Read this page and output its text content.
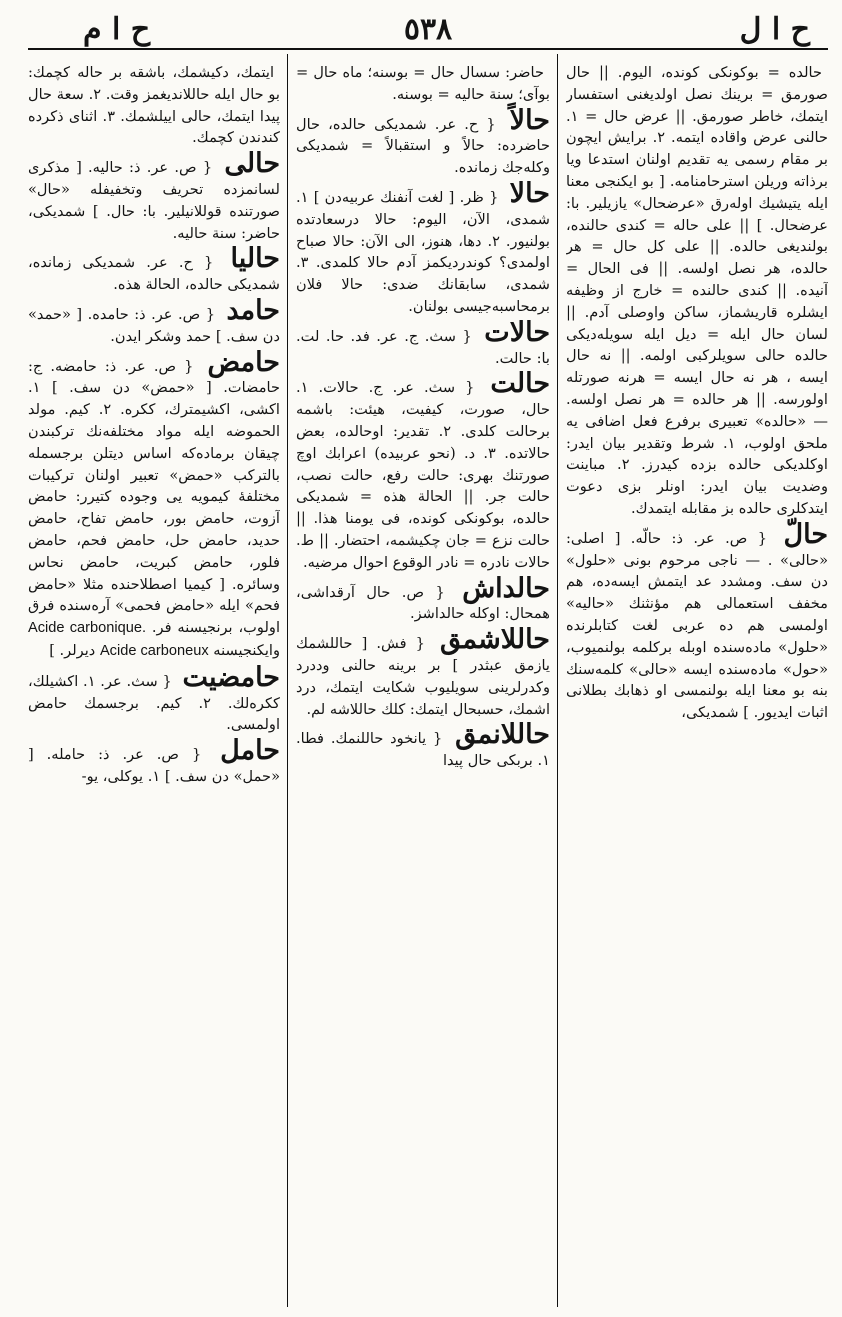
ح ا ل
٥٣٨
ح ا م

حالده = بوكونكى كونده، اليوم. || حال صورمق = برينك نصل اولديغنى استفسار ايتمك، خاطر صورمق. || عرض حال = ١. حالنى عرض واقاده ايتمه. ٢. برايش ايچون بر مقام رسمى يه تقديم اولنان استدعا ويا برذاته وريلن استرحامنامه. [ بو ايكنجى معنا ايله يتيشيك اولەرق «عرضحال» يازيلير. با: عرضحال. ] || على حاله = كندى حالنده، بولنديغى حالده. || على كل حال = هر حالده، هر نصل اولسه. || فى الحال = آنيده. || كندى حالنده = خارج از وظيفه ايشلره قاريشماز، ساكن واوصلى آدم. || لسان حال ايله = ديل ايله سويلەديكى حالده حالى سويلركبى اولمه. || نه حال ايسه ، هر نه حال ايسه = هرنه صورتله اولورسه. || هر حالده = هر نصل اولسه. — «حالده» تعبيرى برفرع فعل اضافى يه ملحق اولوب، ١. شرط وتقدير بيان ايدر: اوكلديكى حالده بزده كيدرز. ٢. مباينت وضديت بيان ايدر: اونلر بزى دعوت ايتدكلرى حالده بز مقابله ايتمدك.

حالّ { ص. عر. ذ: حالّه. [ اصلى: «حالى» . — ناجى مرحوم بونى «حلول» دن سف. ومشدد عد ايتمش ايسەده، هم مخفف استعمالى هم مؤنثنك «حاليه» اولمسى هم ده عربى لغت كتابلرنده «حلول» مادەسنده اوبله بركلمه بولنميوب، «حول» مادەسنده ايسه «حالى» كلمەسنك بنه بو معنا ايله بولنمسى او ذهابك بطلانى اثبات ايديور. ] شمديكى،

حاضر: سسال حال = بوسنه؛ ماه حال = بوآى؛ سنة حاليه = بوسنه.

حالاً { ح. عر. شمديكى حالده، حال حاضرده: حالاً و استقبالاً = شمديكى وكلەجك زمانده.

حالا { ظر. [ لغت آنفنك عربيەدن ] ١. شمدى، الآن، اليوم: حالا درسعادتده بولنيور. ٢. دها، هنوز، الى الآن: حالا صباح اولمدى؟ كوندرديكمز آدم حالا كلمدى. ٣. شمدى، سابقانك ضدى: حالا فلان برمحاسبەجيسى بولنان.

حالات { سث. ج. عر. فد. حا. لت. با: حالت.

حالت { سث. عر. ج. حالات. ١. حال، صورت، كيفيت، هيئت: باشمه برحالت كلدى. ٢. تقدير: اوحالده، بعض حالاتده. ٣. د. (نحو عربيده) اعرابك اوچ صورتنك بهرى: حالت رفع، حالت نصب، حالت جر. || الحالة هذه = شمديكى حالده، بوكونكى كونده، فى يومنا هذا. || حالت نزع = جان چكيشمه، احتضار. || ط. حالات نادره = نادر الوقوع احوال مرضيه.

حالداش { ص. حال آرقداشى، همحال: اوكله حالداشز.

حاللاشمق { فش. [ حاللشمك يازمق عبثدر ] بر برينه حالنى وددرد وكدرلرينى سويليوب شكايت ايتمك، درد اشمك، حسبحال ايتمك: كلك حاللاشه لم.

حاللانمق { يانخود حاللنمك. فطا. ١. بربكى حال پيدا

ايتمك، دكيشمك، باشقه بر حاله كچمك: بو حال ايله حاللانديغمز وقت. ٢. سعة حال پيدا ايتمك، حالى اييلشمك. ٣. اثناى ذكرده كندندن كچمك.

حالى { ص. عر. ذ: حاليه. [ مذكرى لسانمزده تحريف وتخفيفله «حال» صورتنده قوللانيلير. با: حال. ] شمديكى، حاضر: سنة حاليه.

حاليا { ح. عر. شمديكى زمانده، شمديكى حالده، الحالة هذه.

حامد { ص. عر. ذ: حامده. [ «حمد» دن سف. ] حمد وشكر ايدن.

حامض { ص. عر. ذ: حامضه. ج: حامضات. [ «حمض» دن سف. ] ١. اكشى، اكشيمترك، ككره. ٢. كيم. مولد الحموضه ايله مواد مختلفەنك تركبندن چيقان برمادەكه اساس ديتلن برجسمله بالتركب «حمض» تعبير اولنان تركيبات مختلفۀ كيمويه يى وجوده كتيرر: حامض آزوت، حامض بور، حامض تفاح، حامض حديد، حامض حل، حامض فحم، حامض فلور، حامض كبريت، حامض نحاس وسائره. [ كيميا اصطلاحنده مثلا «حامض فحم» ايله «حامض فحمى» آرەسنده فرق اولوب، برنجيسنه فر. Acide carbonique. وايكنجيسنه Acide carboneux ديرلر. ]

حامضيت { سث. عر. ١. اكشيلك، ككرەلك. ٢. كيم. برجسمك حامض اولمسى.

حامل { ص. عر. ذ: حامله. [ «حمل» دن سف. ] ١. يوكلى، يو-
